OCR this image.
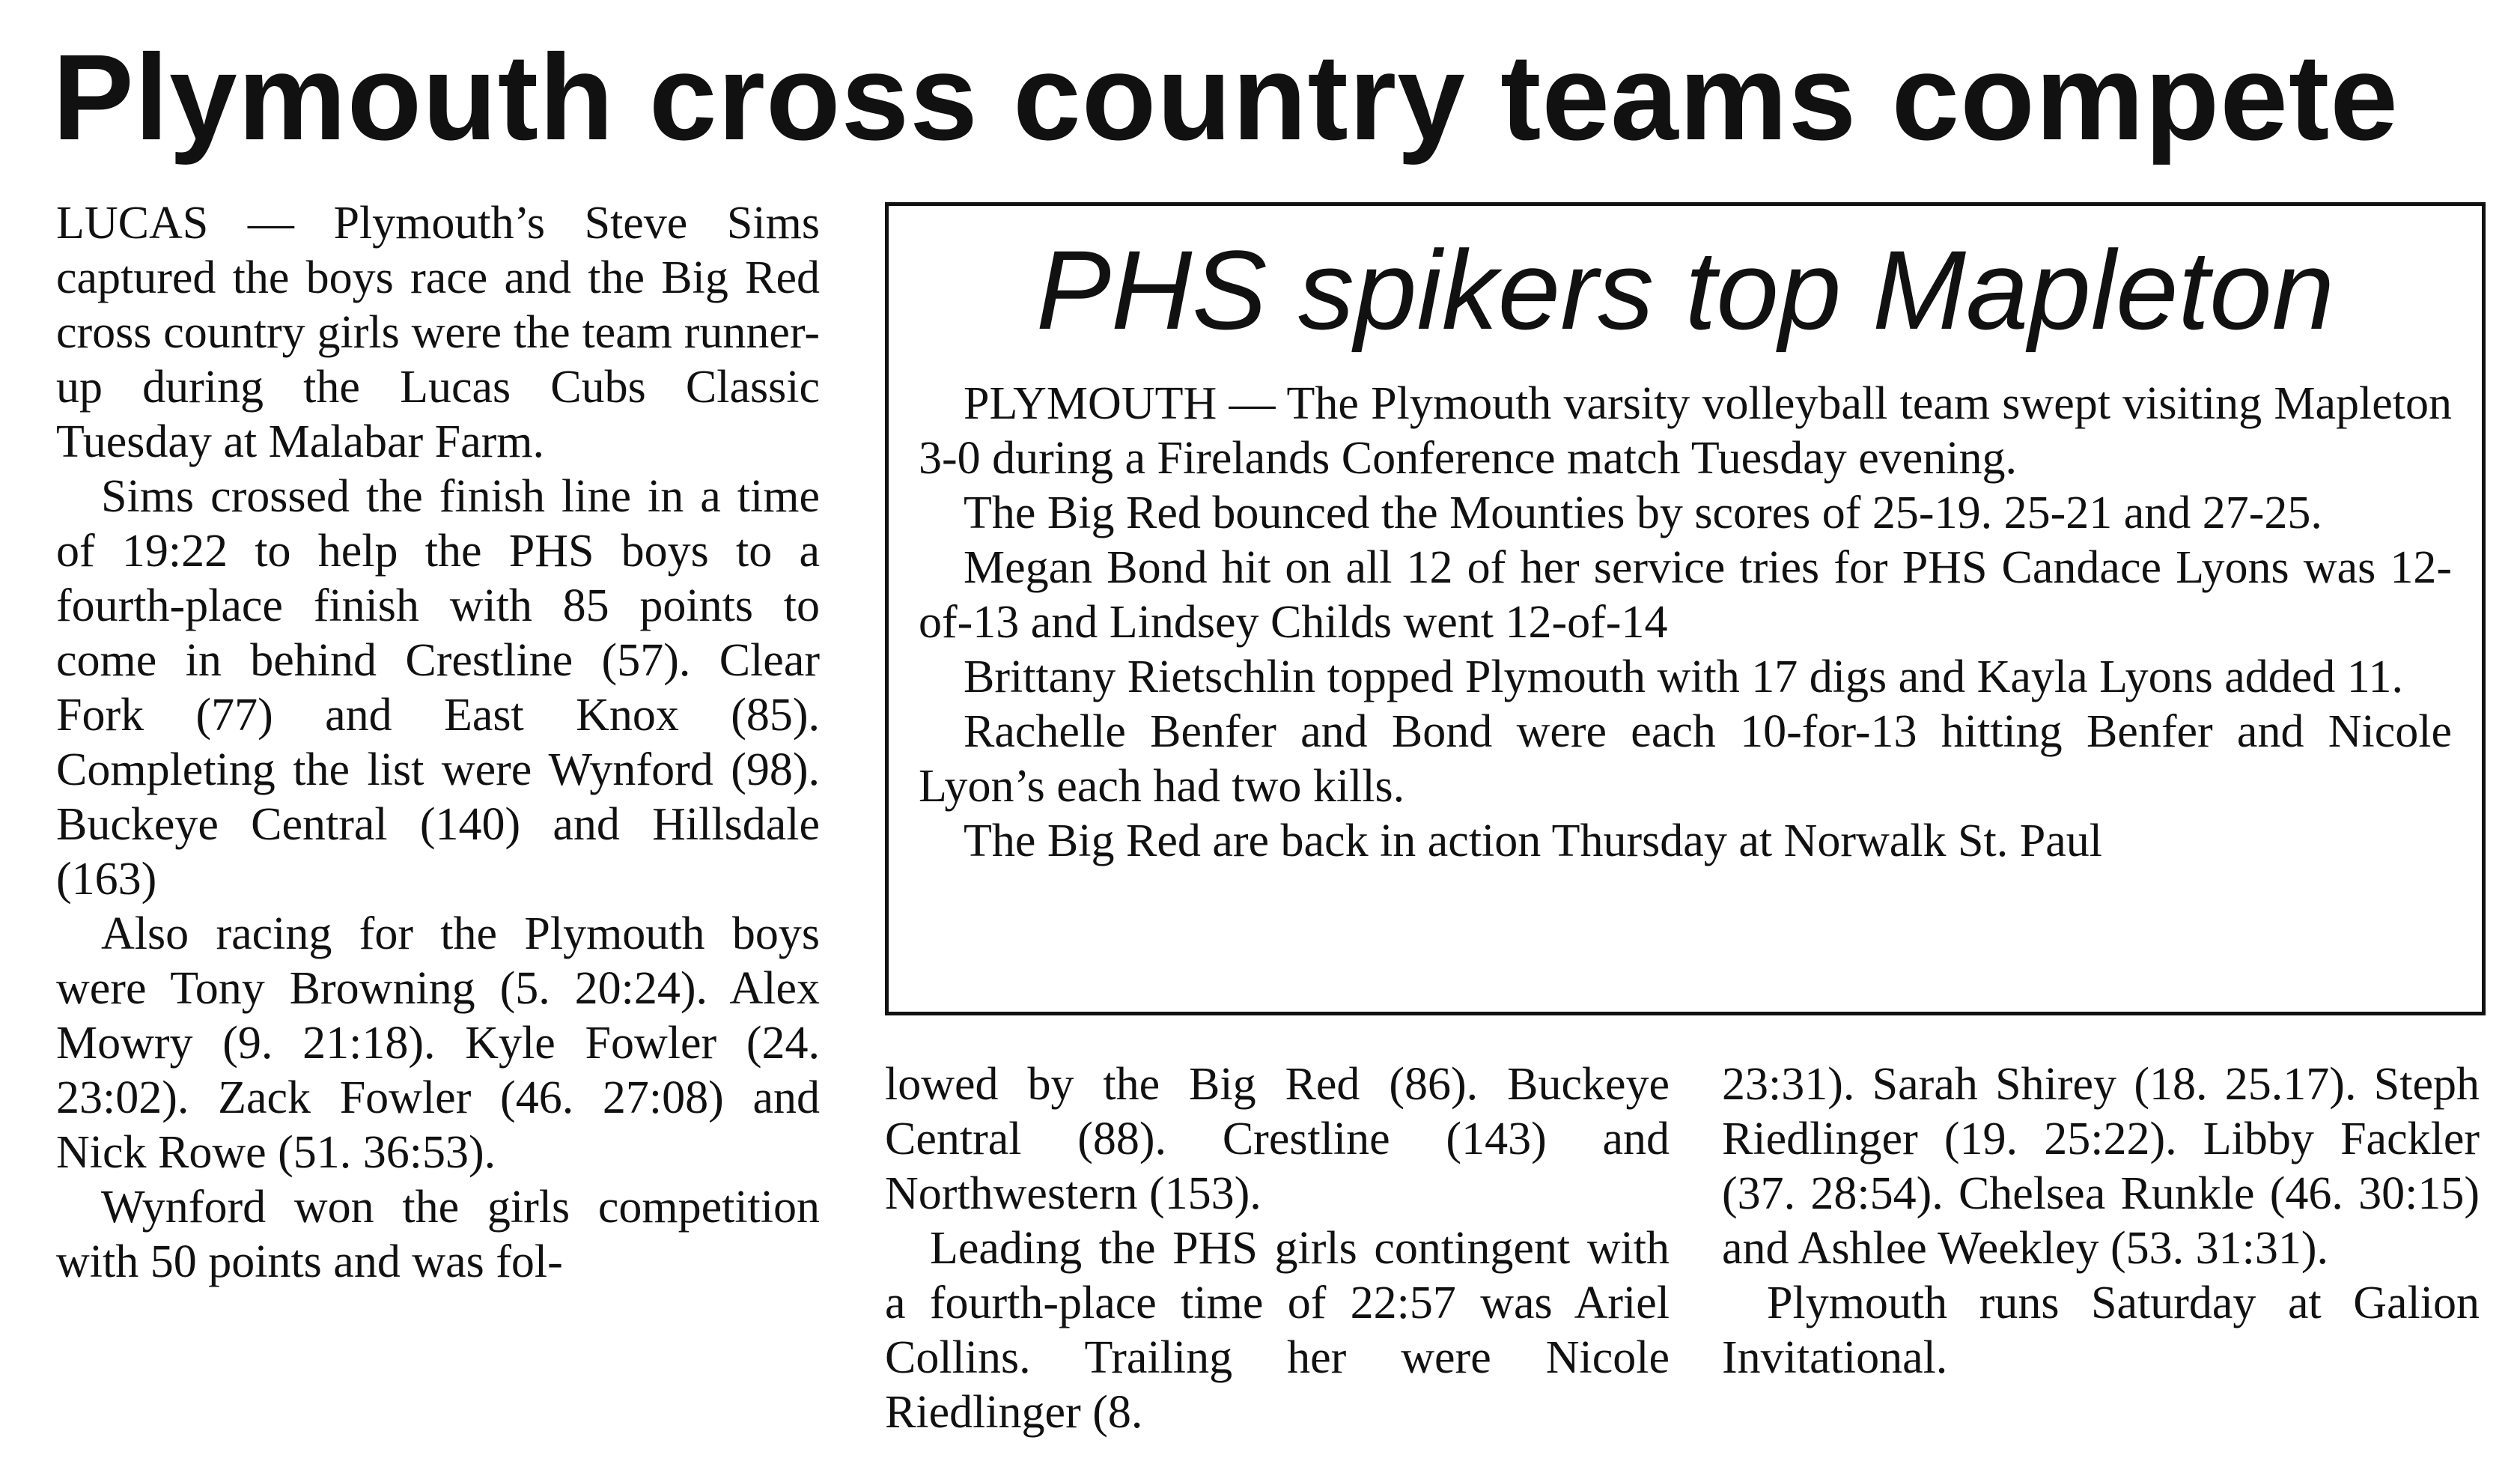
Plymouth cross country teams compete

LUCAS — Plymouth’s Steve Sims captured the boys race and the Big Red cross country girls were the team runner-up during the Lucas Cubs Classic Tuesday at Malabar Farm.

Sims crossed the finish line in a time of 19:22 to help the PHS boys to a fourth-place finish with 85 points to come in behind Crestline (57). Clear Fork (77) and East Knox (85). Completing the list were Wynford (98). Buckeye Central (140) and Hillsdale (163)

Also racing for the Plymouth boys were Tony Browning (5. 20:24). Alex Mowry (9. 21:18). Kyle Fowler (24. 23:02). Zack Fowler (46. 27:08) and Nick Rowe (51. 36:53).

Wynford won the girls competition with 50 points and was fol-

PHS spikers top Mapleton

PLYMOUTH — The Plymouth varsity volleyball team swept visiting Mapleton 3-0 during a Firelands Conference match Tuesday evening.

The Big Red bounced the Mounties by scores of 25-19. 25-21 and 27-25.

Megan Bond hit on all 12 of her service tries for PHS Candace Lyons was 12-of-13 and Lindsey Childs went 12-of-14

Brittany Rietschlin topped Plymouth with 17 digs and Kayla Lyons added 11.

Rachelle Benfer and Bond were each 10-for-13 hitting Benfer and Nicole Lyon’s each had two kills.

The Big Red are back in action Thursday at Norwalk St. Paul

lowed by the Big Red (86). Buckeye Central (88). Crestline (143) and Northwestern (153).

Leading the PHS girls contingent with a fourth-place time of 22:57 was Ariel Collins. Trailing her were Nicole Riedlinger (8.

23:31). Sarah Shirey (18. 25.17). Steph Riedlinger (19. 25:22). Libby Fackler (37. 28:54). Chelsea Runkle (46. 30:15) and Ashlee Weekley (53. 31:31).

Plymouth runs Saturday at Galion Invitational.
